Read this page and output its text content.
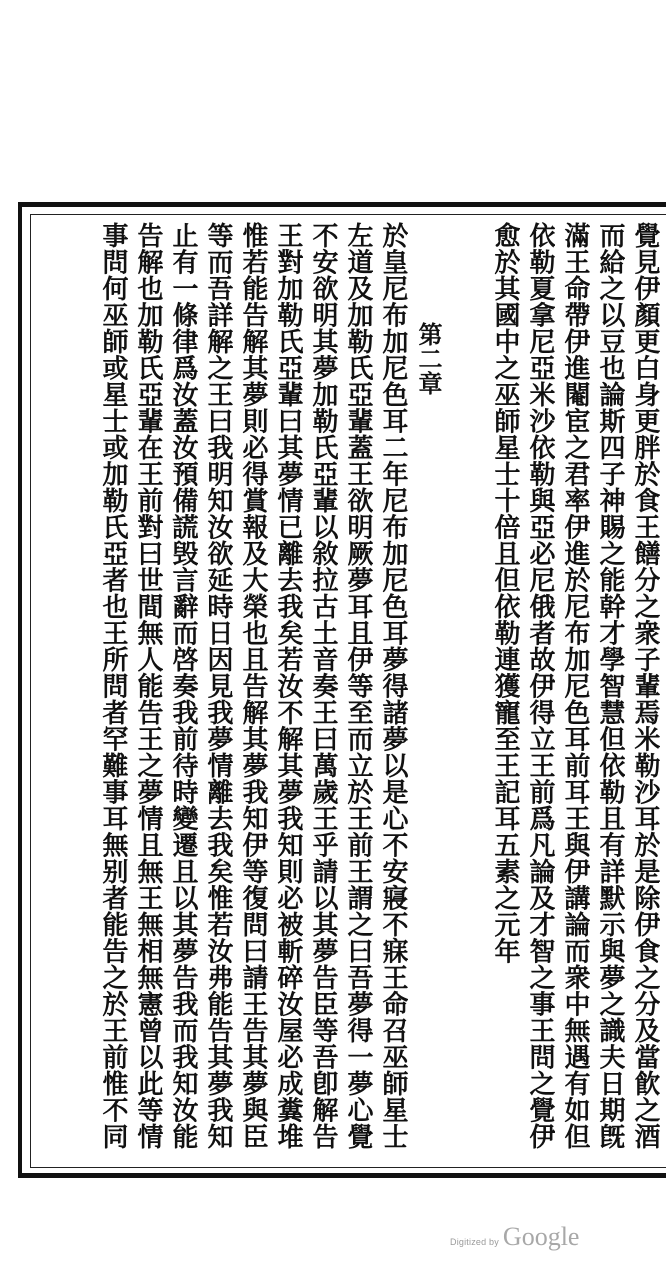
覺見伊顏更白身更胖於食王饍分之衆子輩焉米勒沙耳於是除伊食之分及當飮之酒
而給之以豆也論斯四子神賜之能幹才學智慧但依勒且有詳默示與夢之識夫日期旣
滿王命帶伊進閹宦之君率伊進於尼布加尼色耳前耳王與伊講論而衆中無遇有如但
依勒夏拿尼亞米沙依勒與亞必尼俄者故伊得立王前爲凡論及才智之事王問之覺伊
愈於其國中之巫師星士十倍且但依勒連獲寵至王記耳五素之元年
第二章
於皇尼布加尼色耳二年尼布加尼色耳夢得諸夢以是心不安寢不寐王命召巫師星士
左道及加勒氏亞輩蓋王欲明厥夢耳且伊等至而立於王前王謂之曰吾夢得一夢心覺
不安欲明其夢加勒氏亞輩以敘拉古土音奏王曰萬歲王乎請以其夢告臣等吾卽解告
王對加勒氏亞輩曰其夢情已離去我矣若汝不解其夢我知則必被斬碎汝屋必成糞堆
惟若能告解其夢則必得賞報及大榮也且告解其夢我知伊等復問曰請王告其夢與臣
等而吾詳解之王曰我明知汝欲延時日因見我夢情離去我矣惟若汝弗能告其夢我知
止有一條律爲汝蓋汝預備謊毁言辭而啓奏我前待時變遷且以其夢告我而我知汝能
告解也加勒氏亞輩在王前對曰世間無人能告王之夢情且無王無相無憲曾以此等情
事問何巫師或星士或加勒氏亞者也王所問者罕難事耳無别者能告之於王前惟不同
Digitized by Google
